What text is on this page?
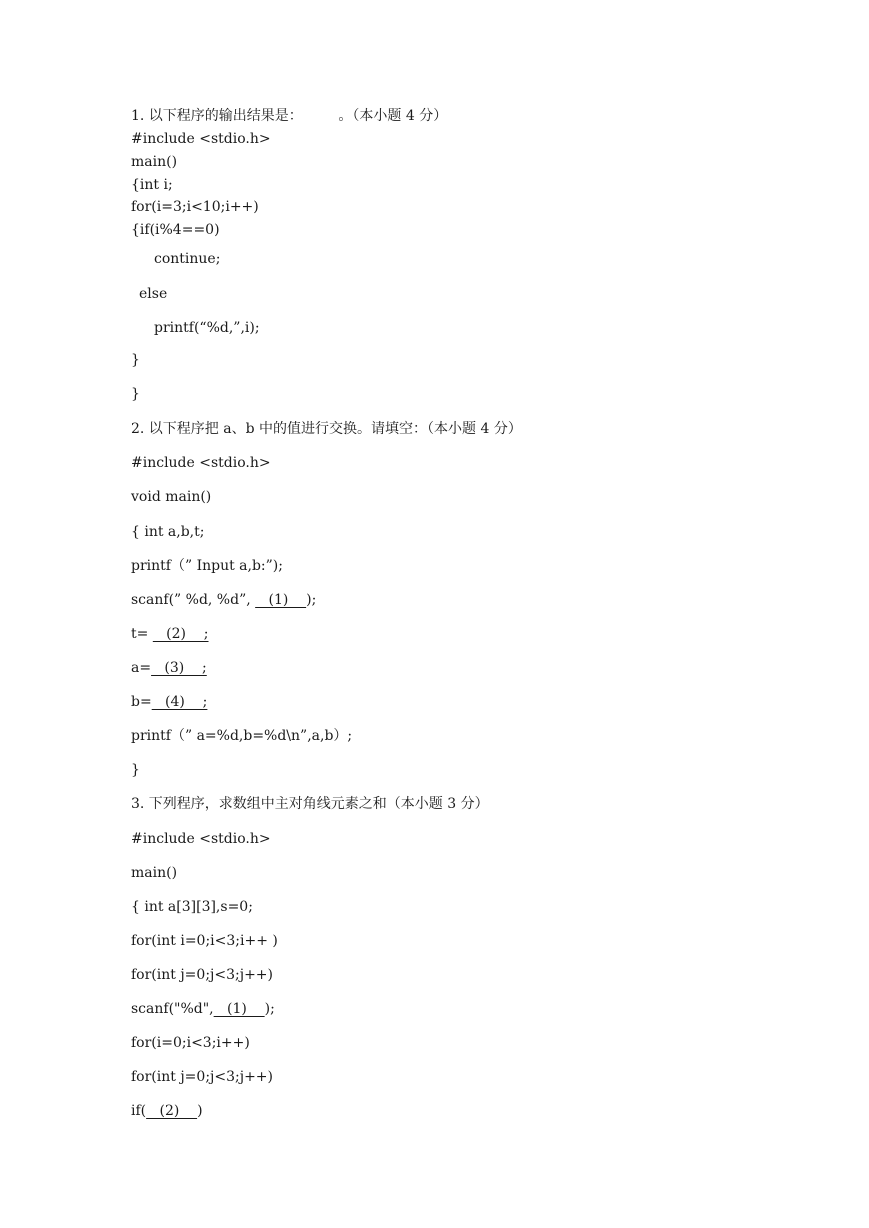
1. 以下程序的输出结果是：        。（本小题 4 分）
#include <stdio.h>
main()
{int i;
for(i=3;i<10;i++)
{if(i%4==0)
continue;
else
printf(“%d,”,i);
}
}
2. 以下程序把 a、b 中的值进行交换。请填空：（本小题 4 分）
#include <stdio.h>
void main()
{ int a,b,t;
printf（” Input a,b:”);
scanf(” %d, %d”,    (1)    );
t=    (2)    ;
a=   (3)    ;
b=   (4)    ;
printf（” a=%d,b=%d\n”,a,b）;
}
3. 下列程序，求数组中主对角线元素之和（本小题 3 分）
#include <stdio.h>
main()
{ int a[3][3],s=0;
for(int i=0;i<3;i++ )
for(int j=0;j<3;j++)
scanf("%d",   (1)    );
for(i=0;i<3;i++)
for(int j=0;j<3;j++)
if(   (2)    )
